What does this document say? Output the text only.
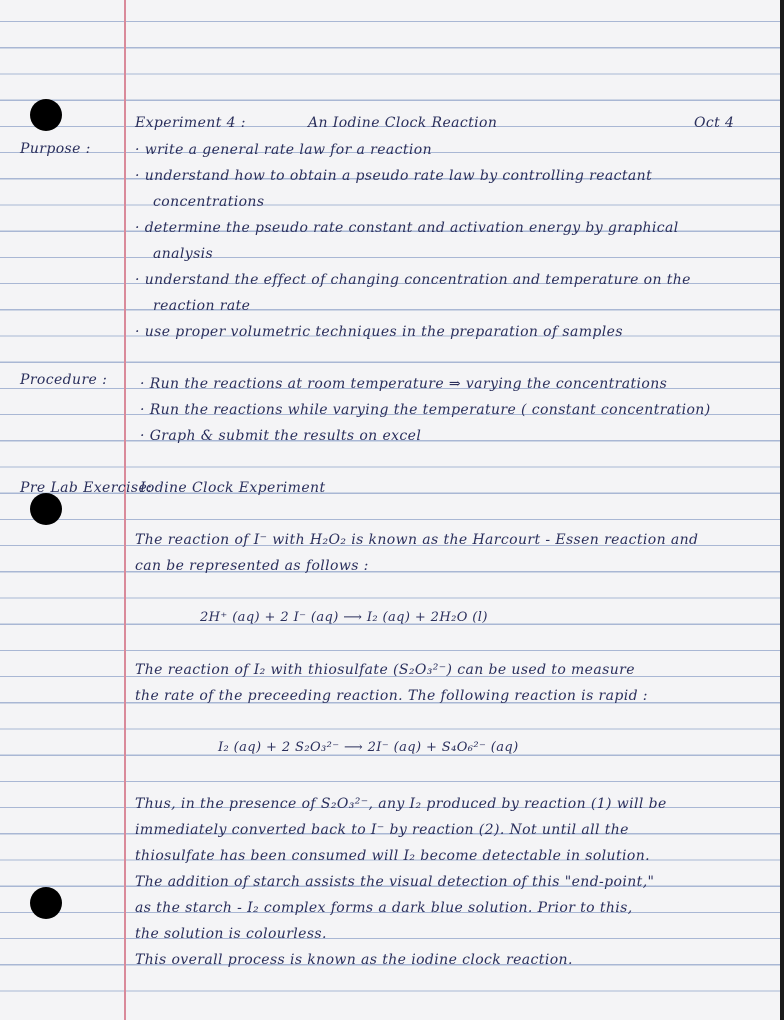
Experiment 4 :	An Iodine Clock Reaction	Oct 4
Purpose :	· write a general rate law for a reaction
· understand how to obtain a pseudo rate law by controlling reactant
concentrations
· determine the pseudo rate constant and activation energy by graphical
analysis
· understand the effect of changing concentration and temperature on the
reaction rate
· use proper volumetric techniques in the preparation of samples
Procedure : · Run the reactions at room temperature ⇒ varying the concentrations
· Run the reactions while varying the temperature ( constant concentration)
· Graph & submit the results on excel
Pre Lab Exercise:
Iodine Clock Experiment
The reaction of I⁻ with H₂O₂ is known as the Harcourt - Essen reaction and
can be represented as follows :
2H⁺ (aq) + 2 I⁻ (aq) ⟶ I₂ (aq) + 2H₂O (l)
The reaction of I₂ with thiosulfate (S₂O₃²⁻) can be used to measure
the rate of the preceeding reaction. The following reaction is rapid :
I₂ (aq) + 2 S₂O₃²⁻ ⟶ 2I⁻ (aq) + S₄O₆²⁻ (aq)
Thus, in the presence of S₂O₃²⁻, any I₂ produced by reaction (1) will be
immediately converted back to I⁻ by reaction (2). Not until all the
thiosulfate has been consumed will I₂ become detectable in solution.
The addition of starch assists the visual detection of this "end-point,"
as the starch - I₂ complex forms a dark blue solution. Prior to this,
the solution is colourless.
This overall process is known as the iodine clock reaction.
